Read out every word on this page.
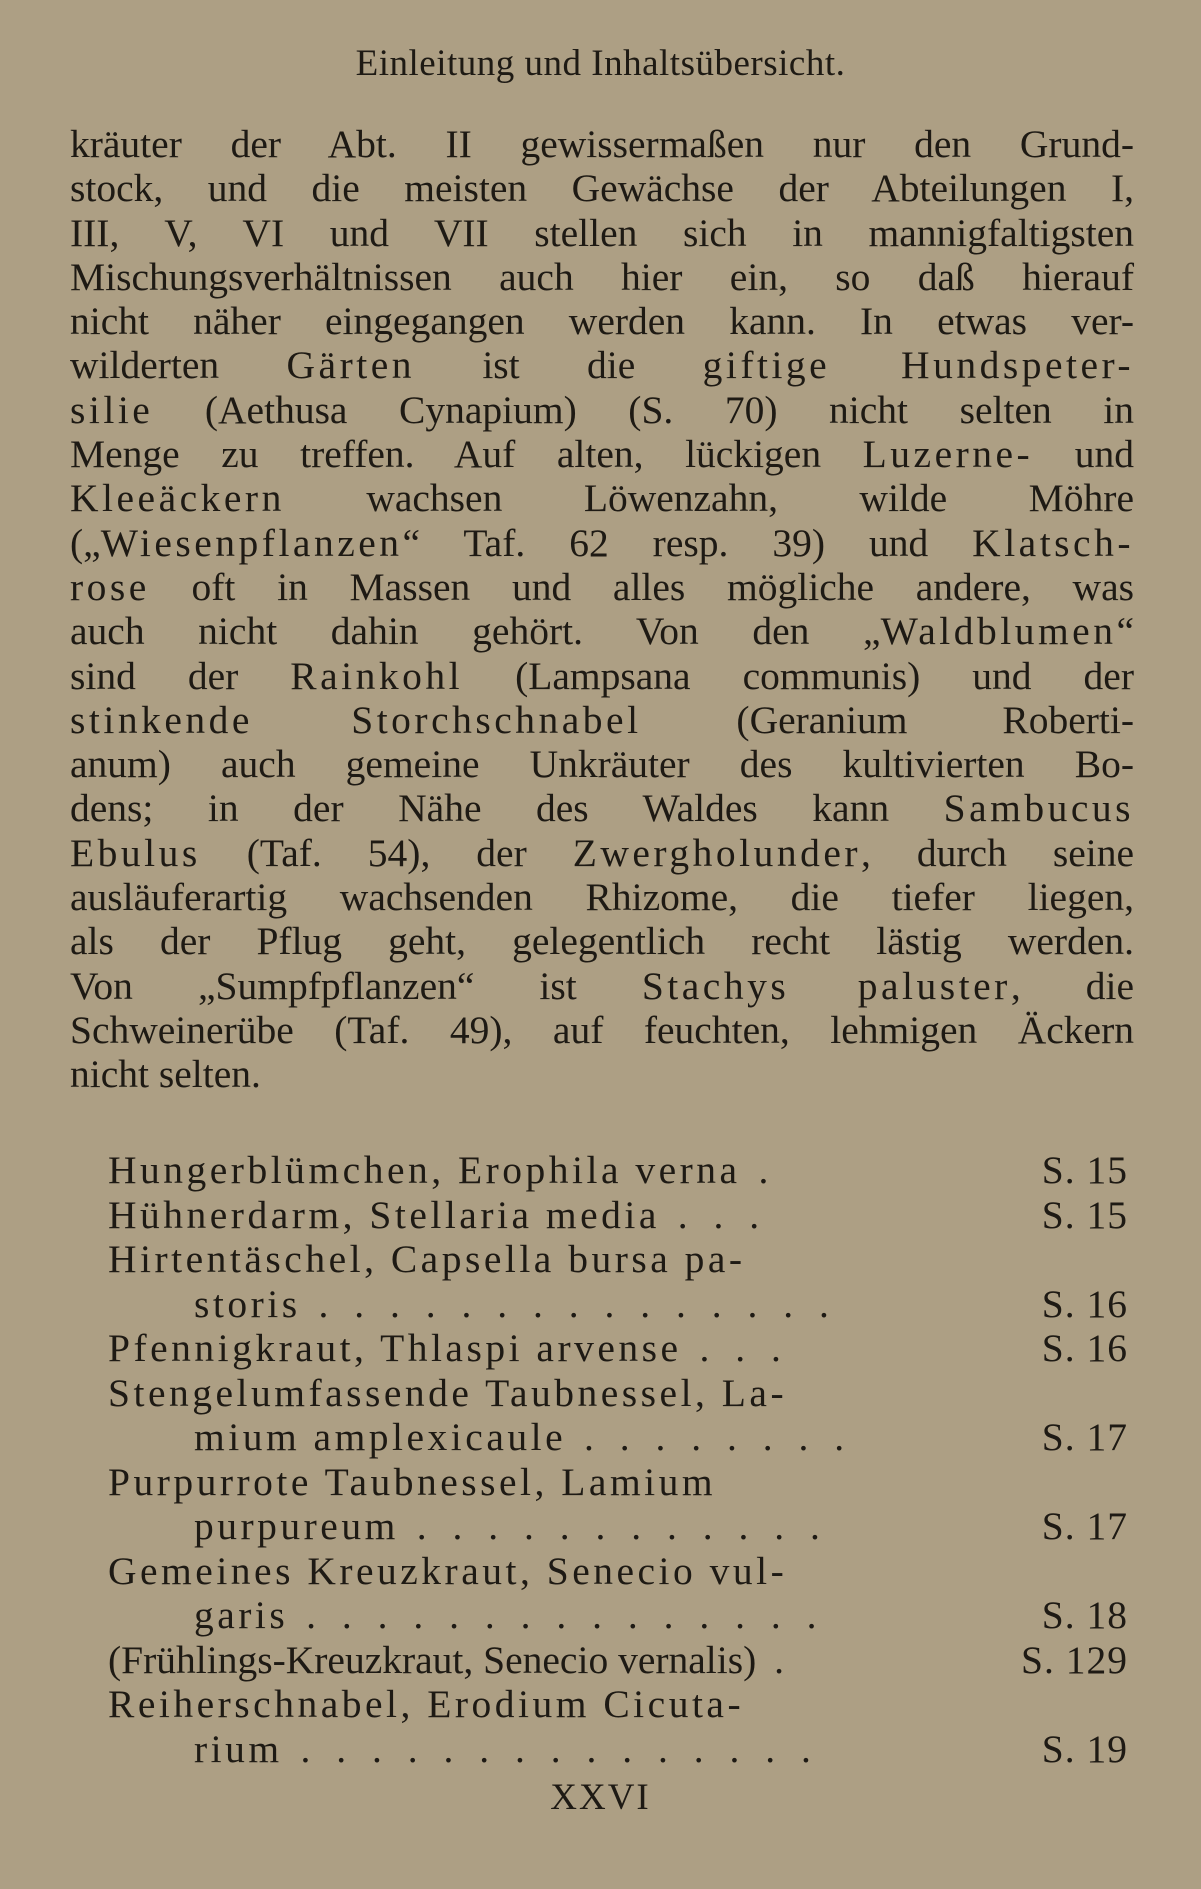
Einleitung und Inhaltsübersicht.
kräuter der Abt. II gewissermaßen nur den Grund-
stock, und die meisten Gewächse der Abteilungen I,
III, V, VI und VII stellen sich in mannigfaltigsten
Mischungsverhältnissen auch hier ein, so daß hierauf
nicht näher eingegangen werden kann. In etwas ver-
wilderten Gärten ist die giftige Hundspeter-
silie (Aethusa Cynapium) (S. 70) nicht selten in
Menge zu treffen. Auf alten, lückigen Luzerne- und
Kleeäckern wachsen Löwenzahn, wilde Möhre
(„Wiesenpflanzen“ Taf. 62 resp. 39) und Klatsch-
rose oft in Massen und alles mögliche andere, was
auch nicht dahin gehört. Von den „Waldblumen“
sind der Rainkohl (Lampsana communis) und der
stinkende Storchschnabel (Geranium Roberti-
anum) auch gemeine Unkräuter des kultivierten Bo-
dens; in der Nähe des Waldes kann Sambucus
Ebulus (Taf. 54), der Zwergholunder, durch seine
ausläuferartig wachsenden Rhizome, die tiefer liegen,
als der Pflug geht, gelegentlich recht lästig werden.
Von „Sumpfpflanzen“ ist Stachys paluster, die
Schweinerübe (Taf. 49), auf feuchten, lehmigen Äckern
nicht selten.
Hungerblümchen, Erophila verna .	S. 15
Hühnerdarm, Stellaria media . . .	S. 15
Hirtentäschel, Capsella bursa pa-
storis . . . . . . . . . . . . . . .	S. 16
Pfennigkraut, Thlaspi arvense . . .	S. 16
Stengelumfassende Taubnessel, La-
mium amplexicaule . . . . . . . .	S. 17
Purpurrote Taubnessel, Lamium
purpureum . . . . . . . . . . . .	S. 17
Gemeines Kreuzkraut, Senecio vul-
garis . . . . . . . . . . . . . . .	S. 18
(Frühlings-Kreuzkraut, Senecio vernalis) .	S. 129
Reiherschnabel, Erodium Cicuta-
rium . . . . . . . . . . . . . . .	S. 19
XXVI
